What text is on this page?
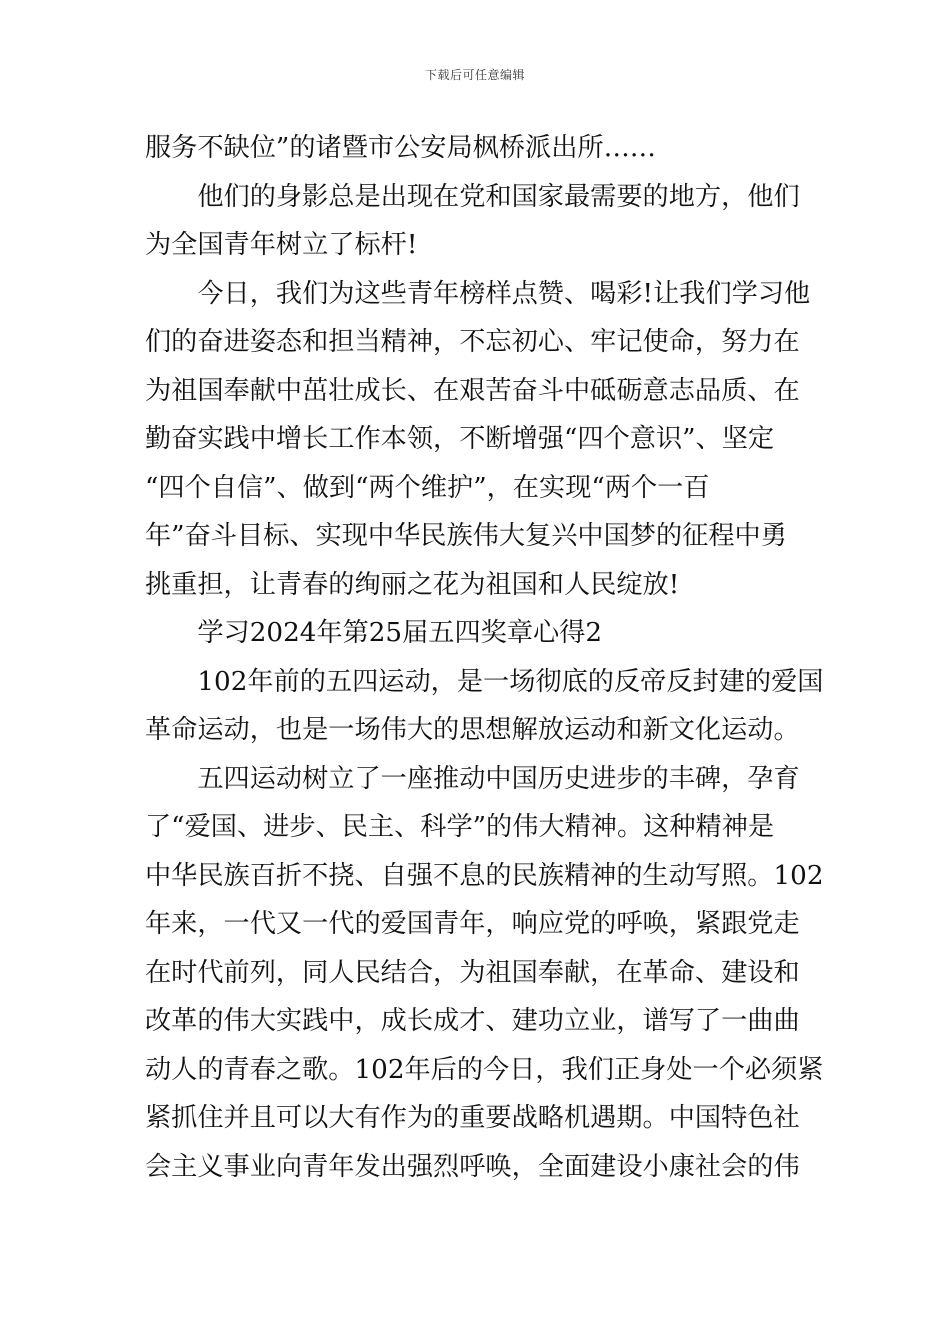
下载后可任意编辑
服务不缺位”的诸暨市公安局枫桥派出所……
　　他们的身影总是出现在党和国家最需要的地方，他们
为全国青年树立了标杆!
　　今日，我们为这些青年榜样点赞、喝彩!让我们学习他
们的奋进姿态和担当精神，不忘初心、牢记使命，努力在
为祖国奉献中茁壮成长、在艰苦奋斗中砥砺意志品质、在
勤奋实践中增长工作本领，不断增强“四个意识”、坚定
“四个自信”、做到“两个维护”，在实现“两个一百
年”奋斗目标、实现中华民族伟大复兴中国梦的征程中勇
挑重担，让青春的绚丽之花为祖国和人民绽放!
　　学习2024年第25届五四奖章心得2
　　102年前的五四运动，是一场彻底的反帝反封建的爱国
革命运动，也是一场伟大的思想解放运动和新文化运动。
　　五四运动树立了一座推动中国历史进步的丰碑，孕育
了“爱国、进步、民主、科学”的伟大精神。这种精神是
中华民族百折不挠、自强不息的民族精神的生动写照。102
年来，一代又一代的爱国青年，响应党的呼唤，紧跟党走
在时代前列，同人民结合，为祖国奉献，在革命、建设和
改革的伟大实践中，成长成才、建功立业，谱写了一曲曲
动人的青春之歌。102年后的今日，我们正身处一个必须紧
紧抓住并且可以大有作为的重要战略机遇期。中国特色社
会主义事业向青年发出强烈呼唤，全面建设小康社会的伟
